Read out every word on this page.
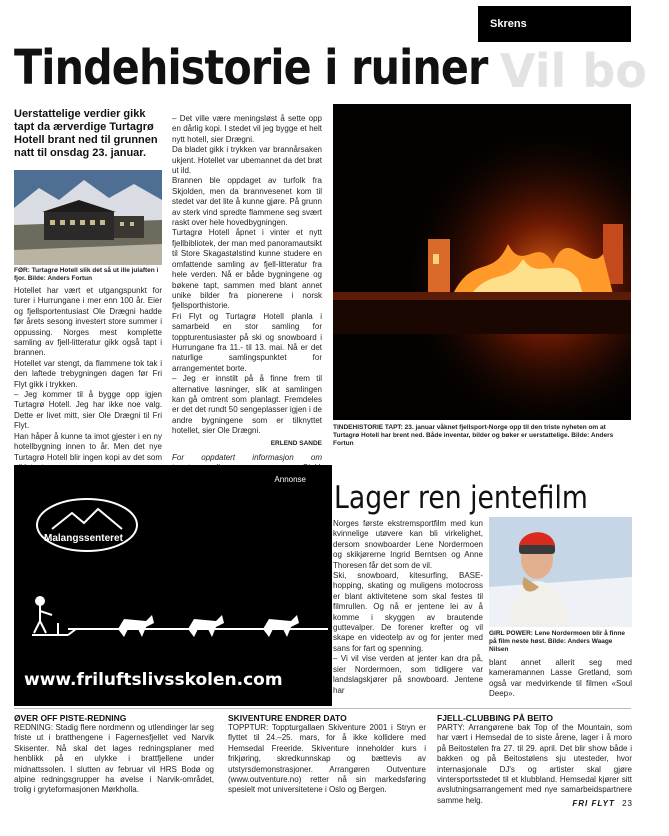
Skrens
Vil bo
Tindehistorie i ruiner
Uerstattelige verdier gikk tapt da ærverdige Turtagrø Hotell brant ned til grunnen natt til onsdag 23. januar.
FØR: Turtagrø Hotell slik det så ut ille julaften i fjor. Bilde: Anders Fortun

Hotellet har vært et utgangspunkt for turer i Hurrungane i mer enn 100 år. Eier og fjellsportentusiast Ole Drægni hadde før årets sesong investert store summer i oppussing. Norges mest komplette samling av fjell-litteratur gikk også tapt i brannen.

Hotellet var stengt, da flammene tok tak i den laftede trebygningen dagen før Fri Flyt gikk i trykken.

– Jeg kommer til å bygge opp igjen Turtagrø Hotell. Jeg har ikke noe valg. Dette er livet mitt, sier Ole Drægni til Fri Flyt.

Han håper å kunne ta imot gjester i en ny hotellbygning innen to år. Men det nye Turtagrø Hotell blir ingen kopi av det som

– Det ville være meningsløst å sette opp en dårlig kopi. I stedet vil jeg bygge et helt nytt hotell, sier Drægni.

Da bladet gikk i trykken var brannårsaken ukjent. Hotellet var ubemannet da det brøt ut ild.

Brannen ble oppdaget av turfolk fra Skjolden, men da brannvesenet kom til stedet var det lite å kunne gjøre. På grunn av sterk vind spredte flammene seg svært raskt over hele hovedbygningen.

Turtagrø Hotell åpnet i vinter et nytt fjellbibliotek, der man med panoramautsikt til Store Skagastølstind kunne studere en omfattende samling av fjell-litteratur fra hele verden. Nå er både bygningene og bøkene tapt, sammen med blant annet unike bilder fra pionerene i norsk fjellsporthistorie.

Fri Flyt og Turtagrø Hotell planla i samarbeid en stor samling for toppturentusiaster på ski og snowboard i Hurrungane fra 11.- til 13. mai. Nå er det naturlige samlingspunktet for arrangementet borte.

– Jeg er innstilt på å finne frem til alternative løsninger, slik at samlingen kan gå omtrent som planlagt. Fremdeles er det det rundt 50 sengeplasser igjen i de andre bygningene som er tilknyttet hotellet, sier Ole Drægni.

ERLEND SANDE

For oppdatert informasjon om

TINDEHISTORIE TAPT: 23. januar våknet fjellsport-Norge opp til den triste nyheten om at Turtagrø Hotell har brent ned. Både inventar, bilder og bøker er uerstattelige. Bilde: Anders Fortun
Annonse
Malangssenteret
www.friluftslivsskolen.com
Lager ren jentefilm

Norges første ekstremsportfilm med kun kvinnelige utøvere kan bli virkelighet, dersom snowboarder Lene Nordermoen og skikjørerne Ingrid Berntsen og Anne Thoresen får det som de vil.

Ski, snowboard, kitesurfing, BASE-hopping, skating og muligens motocross er blant aktivitetene som skal festes til filmrullen. Og nå er jentene lei av å komme i skyggen av brautende guttevalper. De forener krefter og vil skape en videotelp av og for jenter med sans for fart og spenning.

– Vi vil vise verden at jenter kan dra på, sier Nordermoen, som tidligere var landslagskjører på snowboard. Jentene har

GIRL POWER: Lene Nordermoen blir å finne på film neste høst. Bilde: Anders Waage Nilsen
blant annet allerit seg med kameramannen Lasse Gretland, som også var medvirkende til filmen «Soul Deep».
ØVER OFF PISTE-REDNING
REDNING: Stadig flere nordmenn og utlendinger lar seg friste ut i bratthengene i Fagernesfjellet ved Narvik Skisenter. Nå skal det lages redningsplaner med henblikk på en ulykke i brattfjellene under midnattssolen. I slutten av februar vil HRS Bodø og alpine redningsgrupper ha øvelse i Narvik-området, trolig i gryteformasjonen Mørkholla.
SKIVENTURE ENDRER DATO
TOPPTUR: Toppturgallaen Skiventure 2001 i Stryn er flyttet til 24.–25. mars, for å ikke kollidere med Hemsedal Freeride. Skiventure inneholder kurs i frikjøring, skredkunnskap og bættevis av utstyrsdemonstrasjoner. Arrangøren Outventure (www.outventure.no) retter nå sin markedsføring spesielt mot universitetene i Oslo og Bergen.
FJELL-CLUBBING PÅ BEITO
PARTY: Arrangørene bak Top of the Mountain, som har vært i Hemsedal de to siste årene, lager i å moro på Beitostølen fra 27. til 29. april. Det blir show både i bakken og på Beitostølens sju utesteder, hvor internasjonale DJ's og artister skal gjøre vintersportsstedet til et klubbland. Hemsedal kjører sitt avslutningsarrangement med nye samarbeidspartnere samme helg.	FRI FLYT 23
